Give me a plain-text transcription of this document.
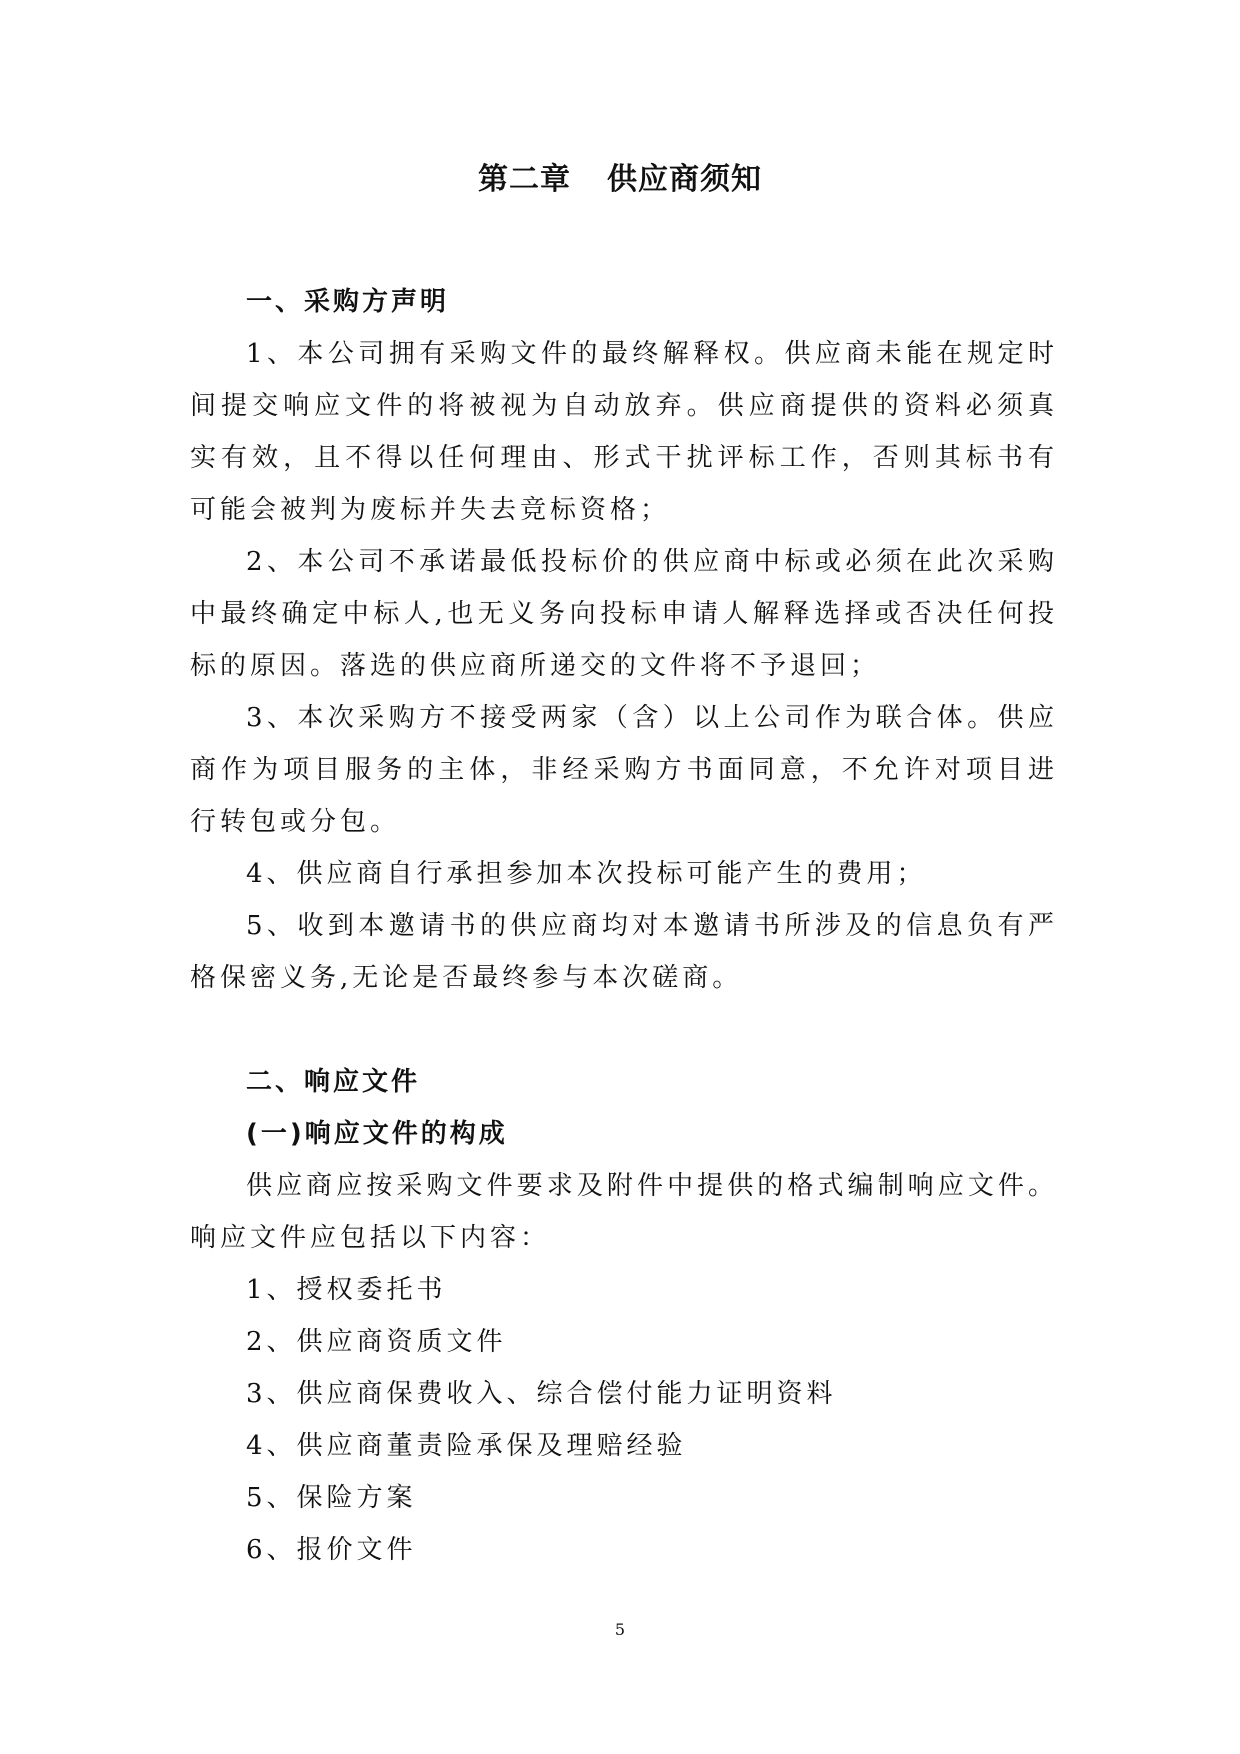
第二章 供应商须知

一、采购方声明

1、本公司拥有采购文件的最终解释权。供应商未能在规定时间提交响应文件的将被视为自动放弃。供应商提供的资料必须真实有效，且不得以任何理由、形式干扰评标工作，否则其标书有可能会被判为废标并失去竞标资格；

2、本公司不承诺最低投标价的供应商中标或必须在此次采购中最终确定中标人,也无义务向投标申请人解释选择或否决任何投标的原因。落选的供应商所递交的文件将不予退回；

3、本次采购方不接受两家（含）以上公司作为联合体。供应商作为项目服务的主体，非经采购方书面同意，不允许对项目进行转包或分包。

4、供应商自行承担参加本次投标可能产生的费用；

5、收到本邀请书的供应商均对本邀请书所涉及的信息负有严格保密义务,无论是否最终参与本次磋商。

二、响应文件

(一)响应文件的构成

供应商应按采购文件要求及附件中提供的格式编制响应文件。响应文件应包括以下内容：

1、授权委托书

2、供应商资质文件

3、供应商保费收入、综合偿付能力证明资料

4、供应商董责险承保及理赔经验

5、保险方案

6、报价文件

5
